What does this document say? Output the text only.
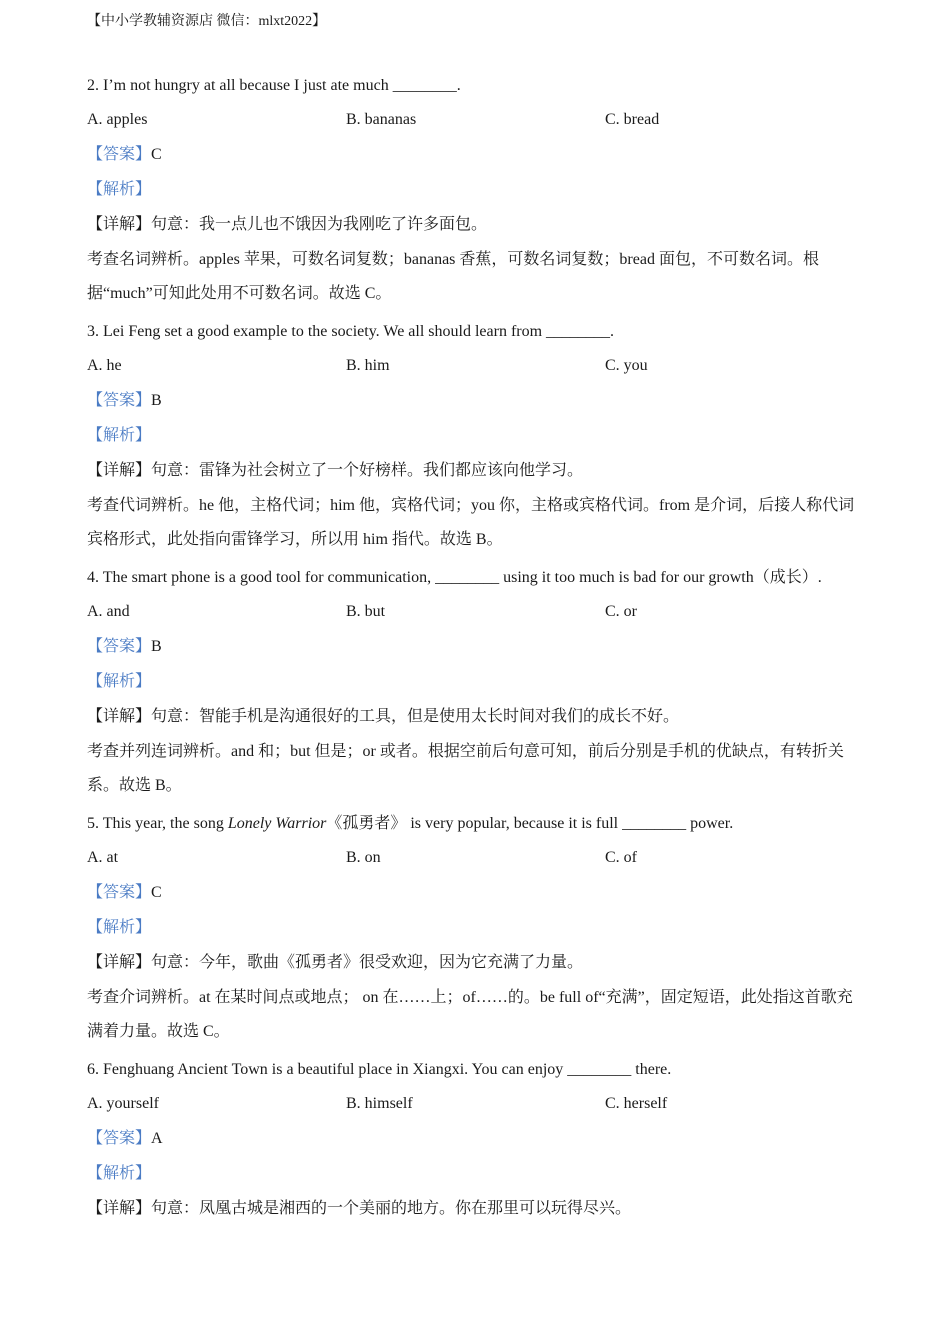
【中小学教辅资源店 微信：mlxt2022】
2. I’m not hungry at all because I just ate much ________.
A. apples	B. bananas	C. bread
【答案】C
【解析】
【详解】句意：我一点儿也不饿因为我刚吃了许多面包。
考查名词辨析。apples 苹果，可数名词复数；bananas 香蕉，可数名词复数；bread 面包，不可数名词。根据“much”可知此处用不可数名词。故选 C。
3. Lei Feng set a good example to the society. We all should learn from ________.
A. he	B. him	C. you
【答案】B
【解析】
【详解】句意：雷锋为社会树立了一个好榜样。我们都应该向他学习。
考查代词辨析。he 他，主格代词；him 他，宾格代词；you 你，主格或宾格代词。from 是介词，后接人称代词宾格形式，此处指向雷锋学习，所以用 him 指代。故选 B。
4. The smart phone is a good tool for communication, ________ using it too much is bad for our growth（成长）.
A. and	B. but	C. or
【答案】B
【解析】
【详解】句意：智能手机是沟通很好的工具，但是使用太长时间对我们的成长不好。
考查并列连词辨析。and 和；but 但是；or 或者。根据空前后句意可知，前后分别是手机的优缺点，有转折关系。故选 B。
5. This year, the song Lonely Warrior《孤勇者》 is very popular, because it is full ________ power.
A. at	B. on	C. of
【答案】C
【解析】
【详解】句意：今年，歌曲《孤勇者》很受欢迎，因为它充满了力量。
考查介词辨析。at 在某时间点或地点； on 在……上；of……的。be full of“充满”，固定短语，此处指这首歌充满着力量。故选 C。
6. Fenghuang Ancient Town is a beautiful place in Xiangxi. You can enjoy ________ there.
A. yourself	B. himself	C. herself
【答案】A
【解析】
【详解】句意：凤凰古城是湘西的一个美丽的地方。你在那里可以玩得尽兴。
